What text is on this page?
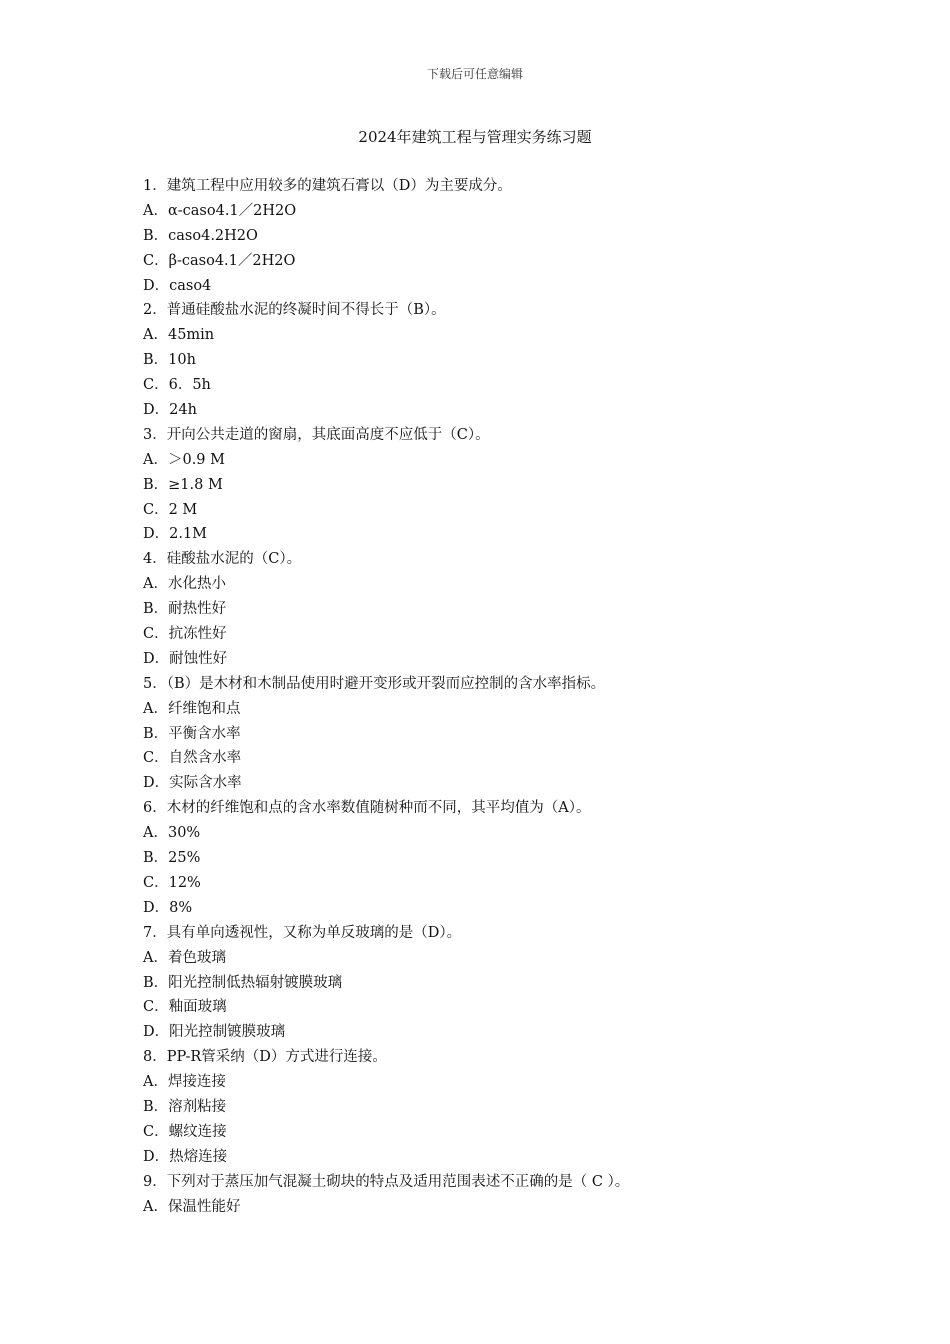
下载后可任意编辑
2024年建筑工程与管理实务练习题
1．建筑工程中应用较多的建筑石膏以（D）为主要成分。
A．α-caso4.1／2H2O
B．caso4.2H2O
C．β-caso4.1／2H2O
D．caso4
2．普通硅酸盐水泥的终凝时间不得长于（B）。
A．45min
B．10h
C．6．5h
D．24h
3．开向公共走道的窗扇，其底面高度不应低于（C）。
A．＞0.9 M
B．≥1.8 M
C．2 M
D．2.1M
4．硅酸盐水泥的（C）。
A．水化热小
B．耐热性好
C．抗冻性好
D．耐蚀性好
5．（B）是木材和木制品使用时避开变形或开裂而应控制的含水率指标。
A．纤维饱和点
B．平衡含水率
C．自然含水率
D．实际含水率
6．木材的纤维饱和点的含水率数值随树种而不同，其平均值为（A）。
A．30%
B．25%
C．12%
D．8%
7．具有单向透视性，又称为单反玻璃的是（D）。
A．着色玻璃
B．阳光控制低热辐射镀膜玻璃
C．釉面玻璃
D．阳光控制镀膜玻璃
8．PP-R管采纳（D）方式进行连接。
A．焊接连接
B．溶剂粘接
C．螺纹连接
D．热熔连接
9．下列对于蒸压加气混凝土砌块的特点及适用范围表述不正确的是（ C ）。
A．保温性能好
